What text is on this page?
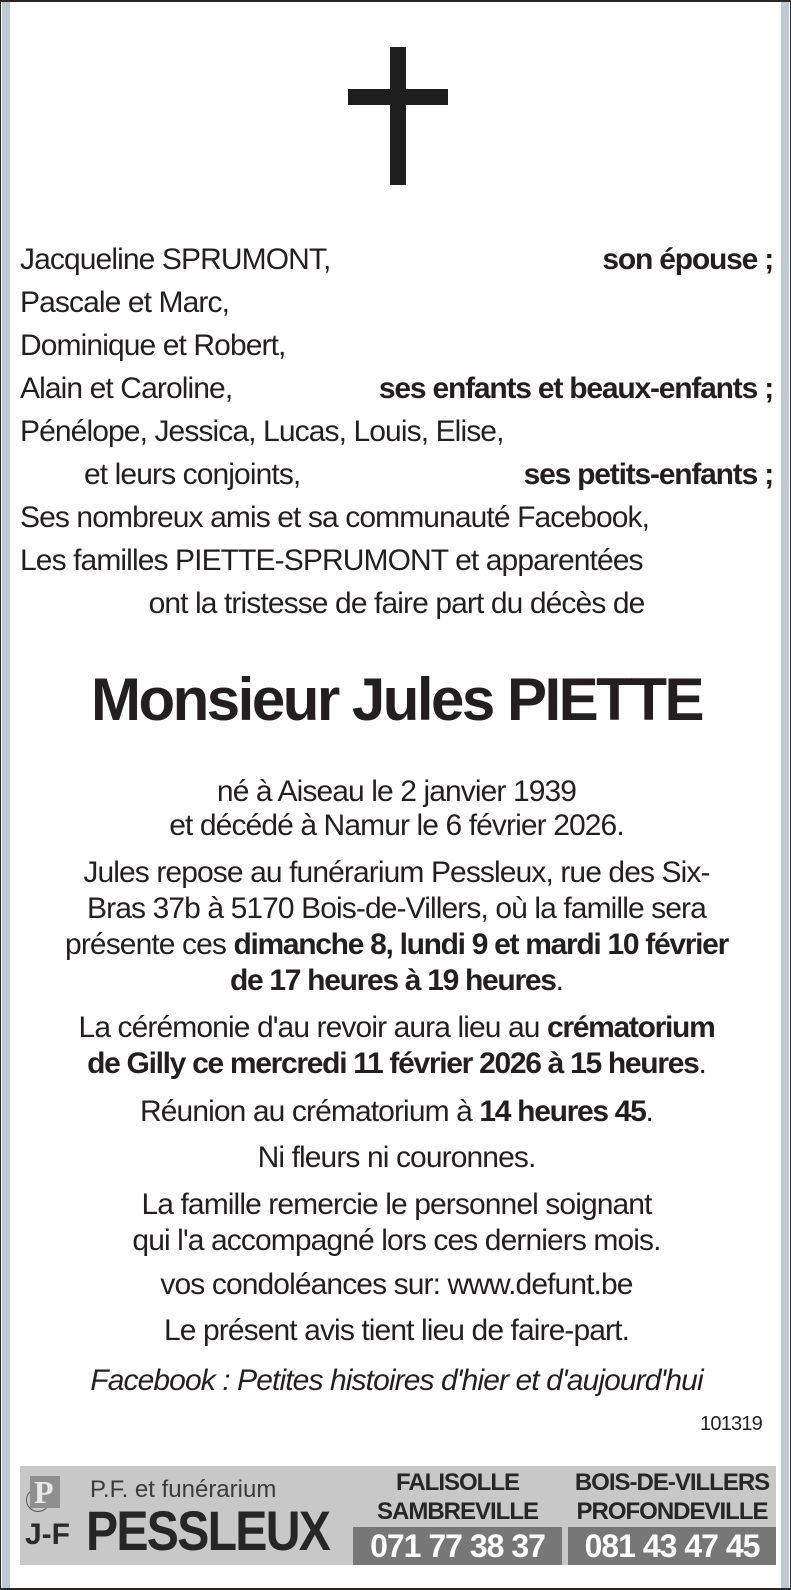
Jacqueline SPRUMONT,	son épouse ;
Pascale et Marc,
Dominique et Robert,
Alain et Caroline,	ses enfants et beaux-enfants ;
Pénélope, Jessica, Lucas, Louis, Elise,
et leurs conjoints,	ses petits-enfants ;
Ses nombreux amis et sa communauté Facebook,
Les familles PIETTE-SPRUMONT et apparentées
ont la tristesse de faire part du décès de
Monsieur Jules PIETTE
né à Aiseau le 2 janvier 1939
et décédé à Namur le 6 février 2026.
Jules repose au funérarium Pessleux, rue des Six-
Bras 37b à 5170 Bois-de-Villers, où la famille sera
présente ces dimanche 8, lundi 9 et mardi 10 février
de 17 heures à 19 heures.
La cérémonie d'au revoir aura lieu au crématorium
de Gilly ce mercredi 11 février 2026 à 15 heures.
Réunion au crématorium à 14 heures 45.
Ni fleurs ni couronnes.
La famille remercie le personnel soignant
qui l'a accompagné lors ces derniers mois.
vos condoléances sur: www.defunt.be
Le présent avis tient lieu de faire-part.
Facebook : Petites histoires d'hier et d'aujourd'hui
101319
P P.F. et funérarium
J-F PESSLEUX
FALISOLLE
SAMBREVILLE
071 77 38 37
BOIS-DE-VILLERS
PROFONDEVILLE
081 43 47 45
